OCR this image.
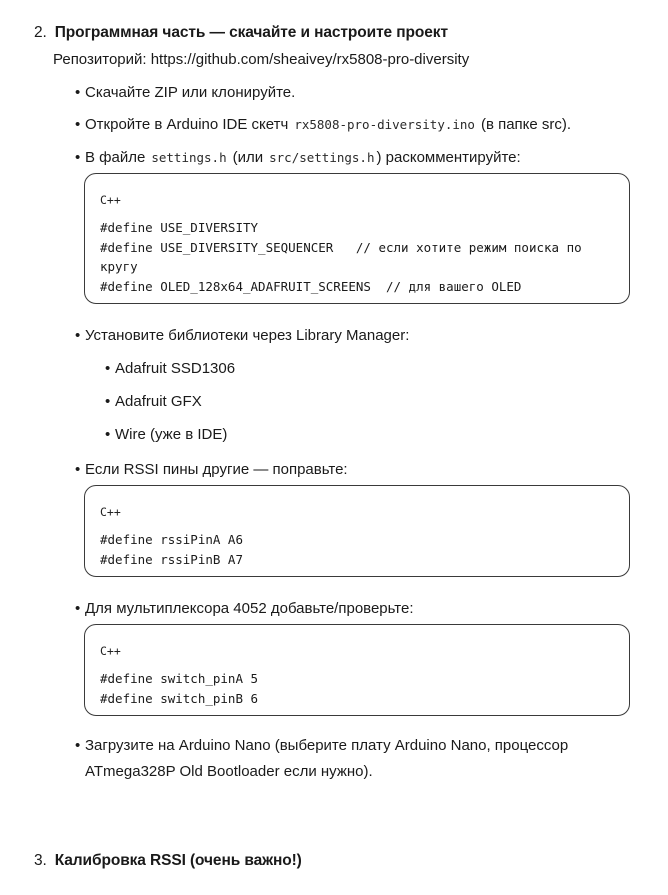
2. Программная часть — скачайте и настроите проект
Репозиторий: https://github.com/sheaivey/rx5808-pro-diversity
• Скачайте ZIP или клонируйте.
• Откройте в Arduino IDE скетч rx5808-pro-diversity.ino (в папке src).
• В файле settings.h (или src/settings.h ) раскомментируйте:
C++
#define USE_DIVERSITY
#define USE_DIVERSITY_SEQUENCER   // если хотите режим поиска по
кругу
#define OLED_128x64_ADAFRUIT_SCREENS  // для вашего OLED
• Установите библиотеки через Library Manager:
• Adafruit SSD1306
• Adafruit GFX
• Wire (уже в IDE)
• Если RSSI пины другие — поправьте:
C++
#define rssiPinA A6
#define rssiPinB A7
• Для мультиплексора 4052 добавьте/проверьте:
C++
#define switch_pinA 5
#define switch_pinB 6
• Загрузите на Arduino Nano (выберите плату Arduino Nano, процессор
ATmega328P Old Bootloader если нужно).
3. Калибровка RSSI (очень важно!)
